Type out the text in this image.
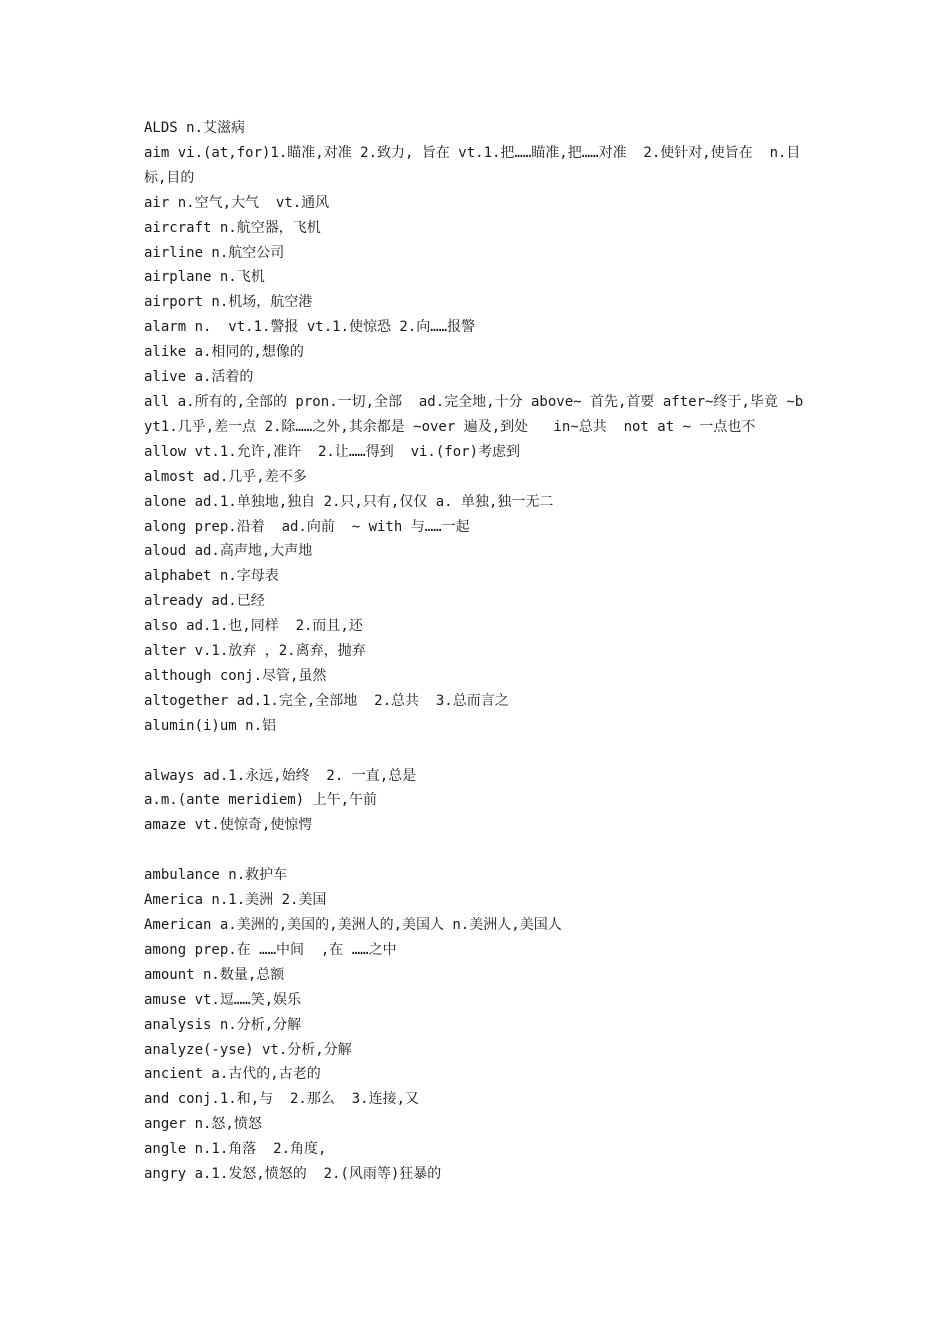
ALDS n.艾滋病

aim vi.(at,for)1.瞄准,对准 2.致力, 旨在 vt.1.把……瞄准,把……对准  2.使针对,使旨在  n.目标,目的

air n.空气,大气  vt.通风

aircraft n.航空器，飞机

airline n.航空公司

airplane n.飞机

airport n.机场，航空港

alarm n.  vt.1.警报 vt.1.使惊恐 2.向……报警

alike a.相同的,想像的

alive a.活着的

all a.所有的,全部的 pron.一切,全部  ad.完全地,十分 above~ 首先,首要 after~终于,毕竟 ~b yt1.几乎,差一点 2.除……之外,其余都是 ~over 遍及,到处   in~总共  not at ~ 一点也不

allow vt.1.允许,准许  2.让……得到  vi.(for)考虑到

almost ad.几乎,差不多

alone ad.1.单独地,独自 2.只,只有,仅仅 a. 单独,独一无二

along prep.沿着  ad.向前  ~ with 与……一起

aloud ad.高声地,大声地

alphabet n.字母表

already ad.已经

also ad.1.也,同样  2.而且,还

alter v.1.放弃 ，2.离弃，抛弃

although conj.尽管,虽然

altogether ad.1.完全,全部地  2.总共  3.总而言之

alumin(i)um n.铝

always ad.1.永远,始终  2. 一直,总是

a.m.(ante meridiem) 上午,午前

amaze vt.使惊奇,使惊愕

ambulance n.救护车

America n.1.美洲 2.美国

American a.美洲的,美国的,美洲人的,美国人 n.美洲人,美国人

among prep.在 ……中间  ,在 ……之中

amount n.数量,总额

amuse vt.逗……笑,娱乐

analysis n.分析,分解

analyze(-yse) vt.分析,分解

ancient a.古代的,古老的

and conj.1.和,与  2.那么  3.连接,又

anger n.怒,愤怒

angle n.1.角落  2.角度,

angry a.1.发怒,愤怒的  2.(风雨等)狂暴的
